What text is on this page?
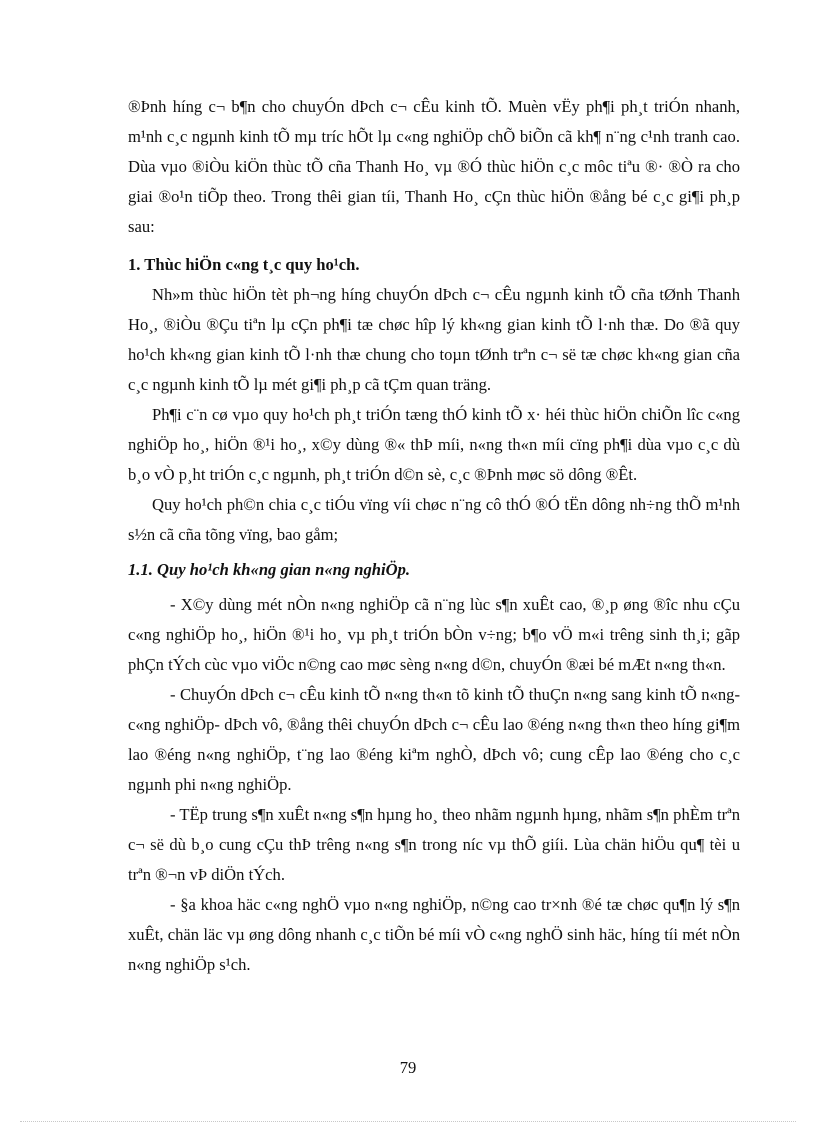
®Þnh híng c¬ b¶n cho chuyÓn dÞch c¬ cÊu kinh tÕ. Muèn vËy ph¶i ph¸t triÓn nhanh, m¹nh c¸c ngµnh kinh tÕ mµ tríc hÕt lµ c«ng nghiÖp chÕ biÕn cã kh¶ n¨ng c¹nh tranh cao. Dùa vµo ®iÒu kiÖn thùc tÕ cña Thanh Ho¸ vµ ®Ó thùc hiÖn c¸c môc tiªu ®· ®Ò ra cho giai ®o¹n tiÕp theo. Trong thêi gian tíi, Thanh Ho¸ cÇn thùc hiÖn ®ång bé c¸c gi¶i ph¸p sau:

1. Thùc hiÖn c«ng t¸c quy ho¹ch.

Nh»m thùc hiÖn tèt ph¬ng híng chuyÓn dÞch c¬ cÊu ngµnh kinh tÕ cña tØnh Thanh Ho¸, ®iÒu ®Çu tiªn lµ cÇn ph¶i tæ chøc hîp lý kh«ng gian kinh tÕ l·nh thæ. Do ®ã quy ho¹ch kh«ng gian kinh tÕ l·nh thæ chung cho toµn tØnh trªn c¬ së tæ chøc kh«ng gian cña c¸c ngµnh kinh tÕ lµ mét gi¶i ph¸p cã tÇm quan träng.

Ph¶i c¨n cø vµo quy ho¹ch ph¸t triÓn tæng thÓ kinh tÕ x· héi thùc hiÖn chiÕn lîc c«ng nghiÖp ho¸, hiÖn ®¹i ho¸, x©y dùng ®« thÞ míi, n«ng th«n míi cïng ph¶i dùa vµo c¸c dù b¸o vÒ p¸ht triÓn c¸c ngµnh, ph¸t triÓn d©n sè, c¸c ®Þnh møc sö dông ®Êt.

Quy ho¹ch ph©n chia c¸c tiÓu vïng víi chøc n¨ng cô thÓ ®Ó tËn dông nh÷ng thÕ m¹nh s½n cã cña tõng vïng, bao gåm;

1.1. Quy ho¹ch kh«ng gian n«ng nghiÖp.

- X©y dùng mét nÒn n«ng nghiÖp cã n¨ng lùc s¶n xuÊt cao, ®¸p øng ®îc nhu cÇu c«ng nghiÖp ho¸, hiÖn ®¹i ho¸ vµ ph¸t triÓn bÒn v÷ng; b¶o vÖ m«i trêng sinh th¸i; gãp phÇn tÝch cùc vµo viÖc n©ng cao møc sèng n«ng d©n, chuyÓn ®æi bé mÆt n«ng th«n.

- ChuyÓn dÞch c¬ cÊu kinh tÕ n«ng th«n tõ kinh tÕ thuÇn n«ng sang kinh tÕ n«ng- c«ng nghiÖp- dÞch vô, ®ång thêi chuyÓn dÞch c¬ cÊu lao ®éng n«ng th«n theo híng gi¶m lao ®éng n«ng nghiÖp, t¨ng lao ®éng kiªm nghÒ, dÞch vô; cung cÊp lao ®éng cho c¸c ngµnh phi n«ng nghiÖp.

- TËp trung s¶n xuÊt n«ng s¶n hµng ho¸ theo nhãm ngµnh hµng, nhãm s¶n phÈm trªn c¬ së dù b¸o cung cÇu thÞ trêng n«ng s¶n trong níc vµ thÕ giíi. Lùa chän hiÖu qu¶ tèi u trªn ®¬n vÞ diÖn tÝch.

- §a khoa häc c«ng nghÖ vµo n«ng nghiÖp, n©ng cao tr×nh ®é tæ chøc qu¶n lý s¶n xuÊt, chän läc vµ øng dông nhanh c¸c tiÕn bé míi vÒ c«ng nghÖ sinh häc, híng tíi mét nÒn n«ng nghiÖp s¹ch.

79
